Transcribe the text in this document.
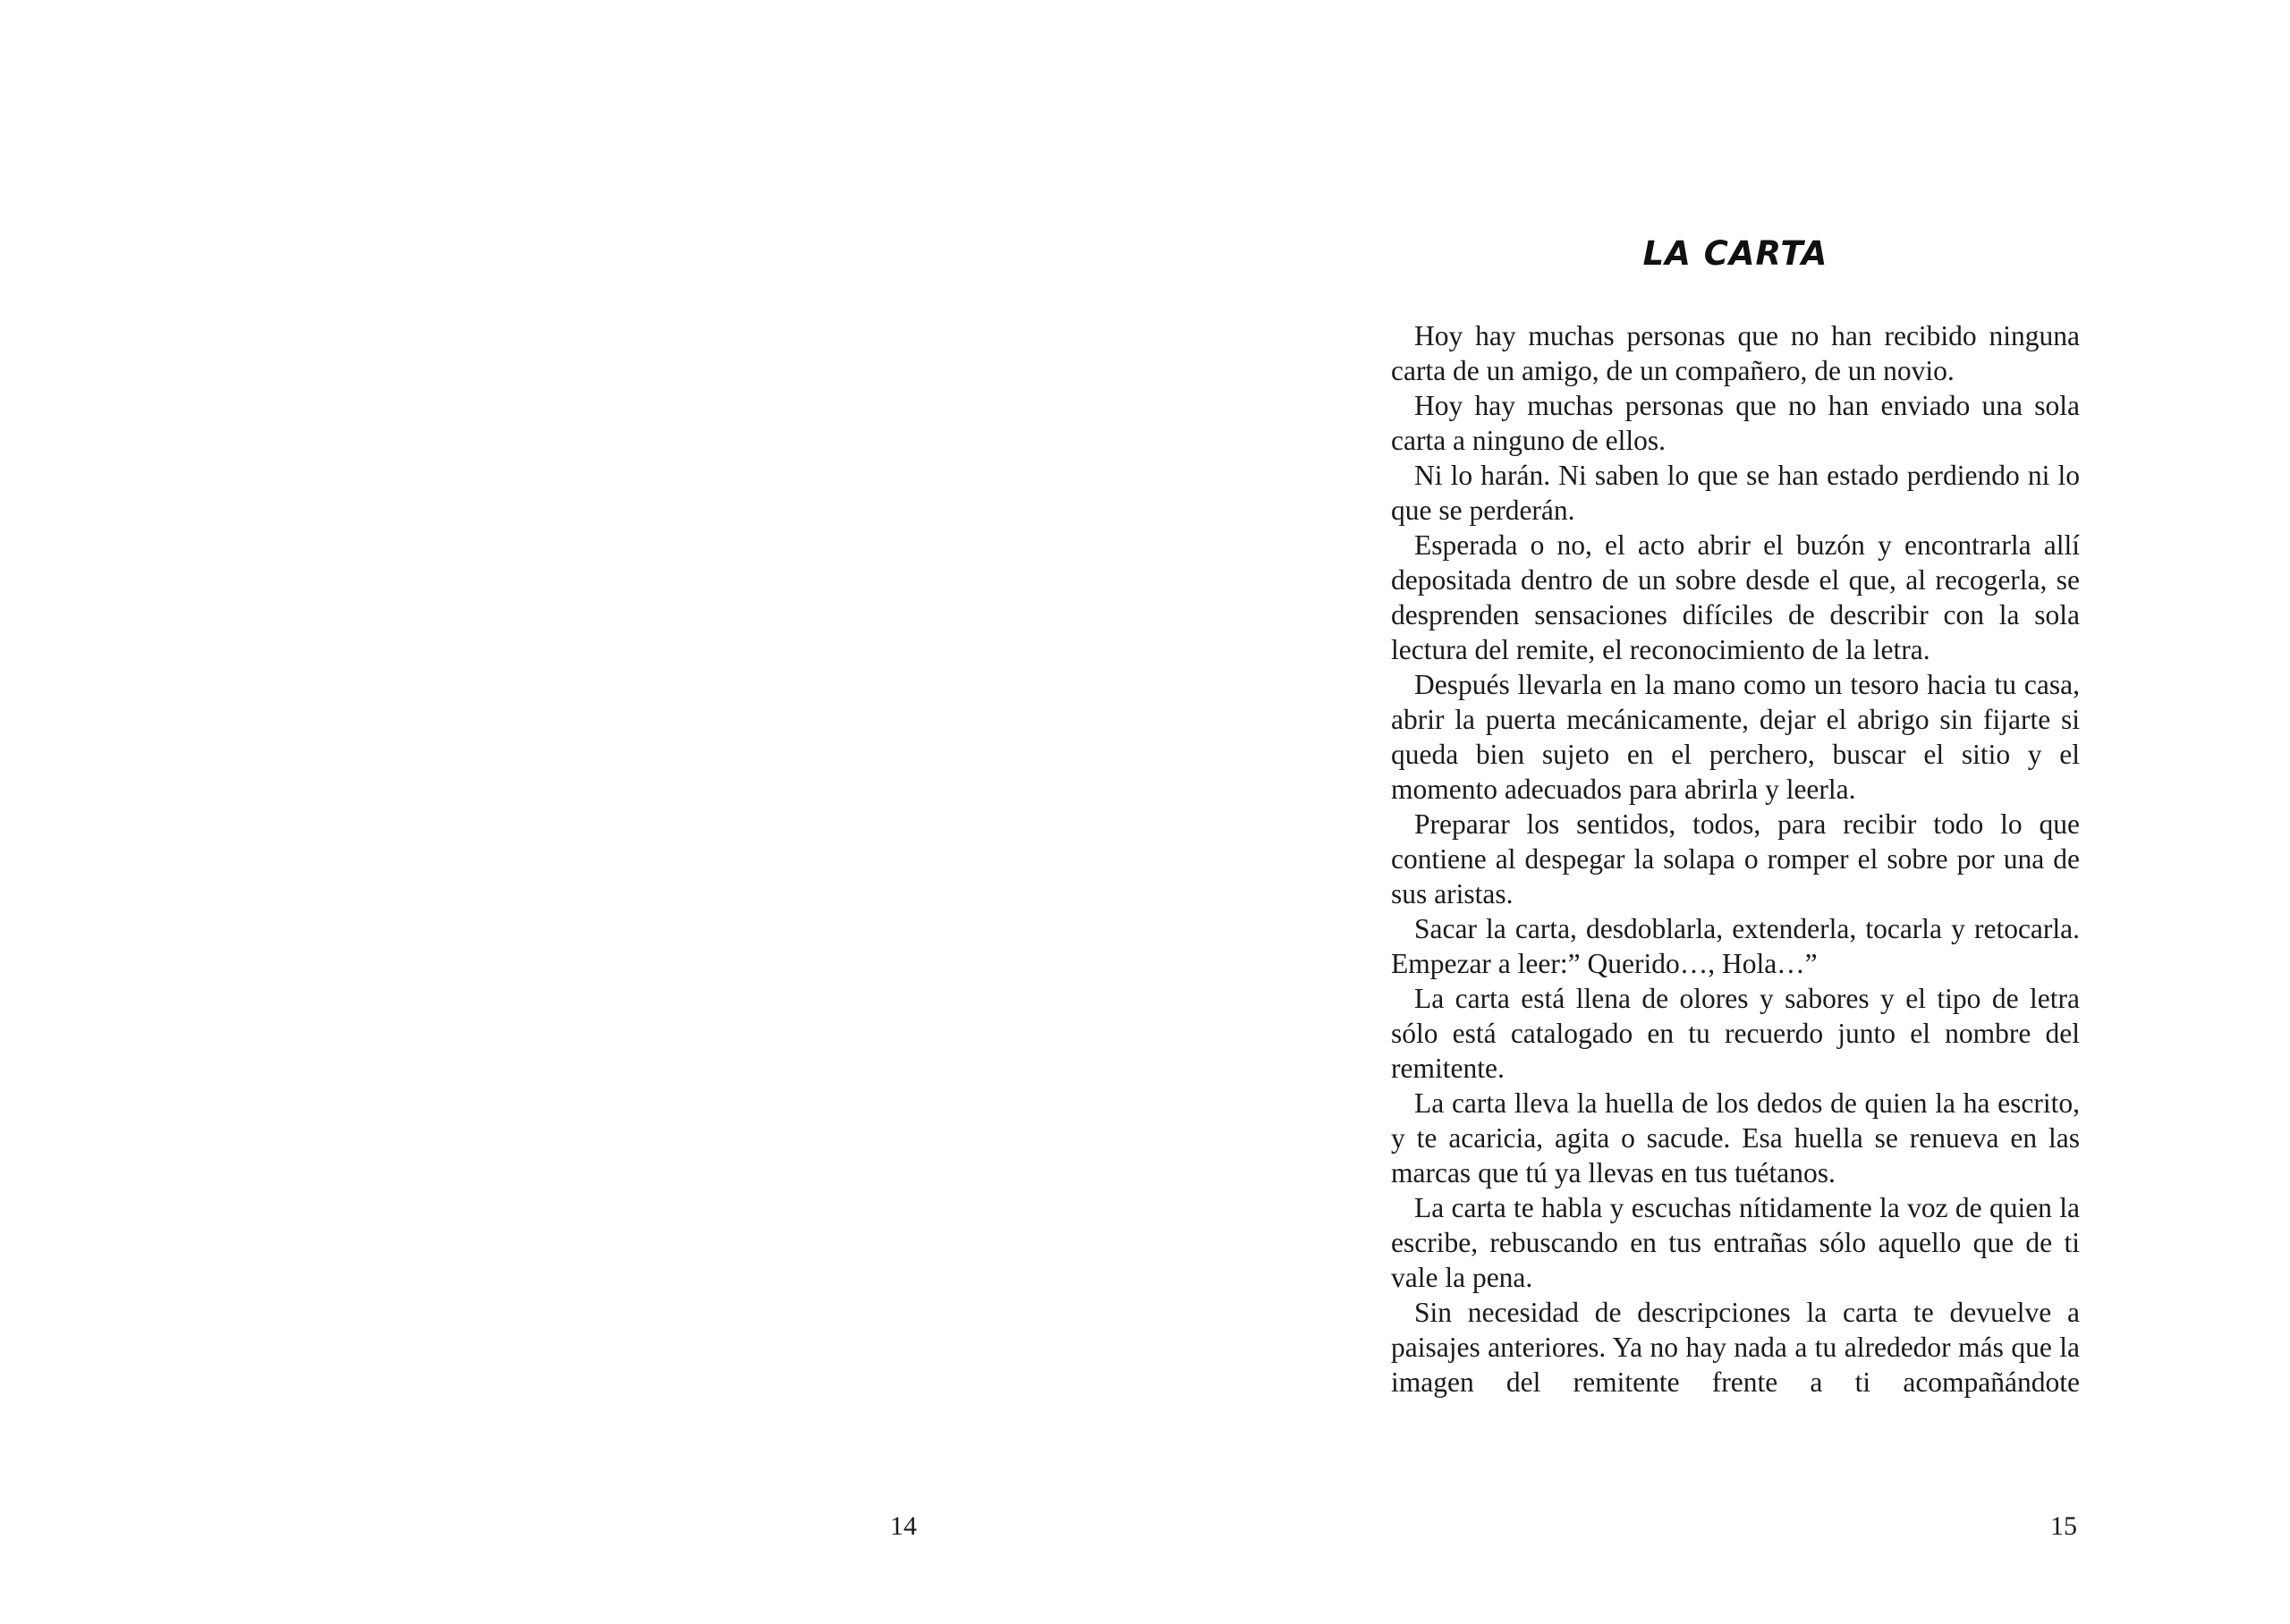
LA CARTA

Hoy hay muchas personas que no han recibido ninguna carta de un amigo, de un compañero, de un novio.

Hoy hay muchas personas que no han enviado una sola carta a ninguno de ellos.

Ni lo harán. Ni saben lo que se han estado perdiendo ni lo que se perderán.

Esperada o no, el acto abrir el buzón y encontrarla allí depositada dentro de un sobre desde el que, al recogerla, se desprenden sensaciones difíciles de describir con la sola lectura del remite, el reconocimiento de la letra.

Después llevarla en la mano como un tesoro hacia tu casa, abrir la puerta mecánicamente, dejar el abrigo sin fijarte si queda bien sujeto en el perchero, buscar el sitio y el momento adecuados para abrirla y leerla.

Preparar los sentidos, todos, para recibir todo lo que contiene al despegar la solapa o romper el sobre por una de sus aristas.

Sacar la carta, desdoblarla, extenderla, tocarla y retocarla. Empezar a leer:” Querido…, Hola…”

La carta está llena de olores y sabores y el tipo de letra sólo está catalogado en tu recuerdo junto el nombre del remitente.

La carta lleva la huella de los dedos de quien la ha escrito, y te acaricia, agita o sacude. Esa huella se renueva en las marcas que tú ya llevas en tus tuétanos.

La carta te habla y escuchas nítidamente la voz de quien la escribe, rebuscando en tus entrañas sólo aquello que de ti vale la pena.

Sin necesidad de descripciones la carta te devuelve a paisajes anteriores. Ya no hay nada a tu alrededor más que la imagen del remitente frente a ti acompañándote

14	15
